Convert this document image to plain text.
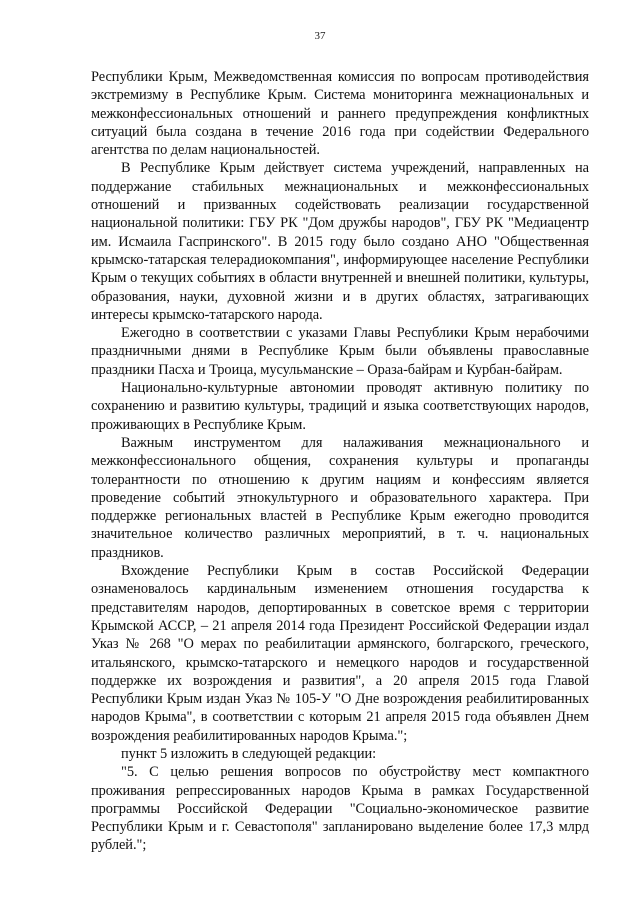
37

Республики Крым, Межведомственная комиссия по вопросам противодействия экстремизму в Республике Крым. Система мониторинга межнациональных и межконфессиональных отношений и раннего предупреждения конфликтных ситуаций была создана в течение 2016 года при содействии Федерального агентства по делам национальностей.

В Республике Крым действует система учреждений, направленных на поддержание стабильных межнациональных и межконфессиональных отношений и призванных содействовать реализации государственной национальной политики: ГБУ РК "Дом дружбы народов", ГБУ РК "Медиацентр им. Исмаила Гаспринского". В 2015 году было создано АНО "Общественная крымско-татарская телерадиокомпания", информирующее население Республики Крым о текущих событиях в области внутренней и внешней политики, культуры, образования, науки, духовной жизни и в других областях, затрагивающих интересы крымско-татарского народа.

Ежегодно в соответствии с указами Главы Республики Крым нерабочими праздничными днями в Республике Крым были объявлены православные праздники Пасха и Троица, мусульманские – Ораза-байрам и Курбан-байрам.

Национально-культурные автономии проводят активную политику по сохранению и развитию культуры, традиций и языка соответствующих народов, проживающих в Республике Крым.

Важным инструментом для налаживания межнационального и межконфессионального общения, сохранения культуры и пропаганды толерантности по отношению к другим нациям и конфессиям является проведение событий этнокультурного и образовательного характера. При поддержке региональных властей в Республике Крым ежегодно проводится значительное количество различных мероприятий, в т. ч. национальных праздников.

Вхождение Республики Крым в состав Российской Федерации ознаменовалось кардинальным изменением отношения государства к представителям народов, депортированных в советское время с территории Крымской АССР, – 21 апреля 2014 года Президент Российской Федерации издал Указ № 268 "О мерах по реабилитации армянского, болгарского, греческого, итальянского, крымско-татарского и немецкого народов и государственной поддержке их возрождения и развития", а 20 апреля 2015 года Главой Республики Крым издан Указ № 105-У "О Дне возрождения реабилитированных народов Крыма", в соответствии с которым 21 апреля 2015 года объявлен Днем возрождения реабилитированных народов Крыма.";

пункт 5 изложить в следующей редакции:

"5. С целью решения вопросов по обустройству мест компактного проживания репрессированных народов Крыма в рамках Государственной программы Российской Федерации "Социально-экономическое развитие Республики Крым и г. Севастополя" запланировано выделение более 17,3 млрд рублей.";
